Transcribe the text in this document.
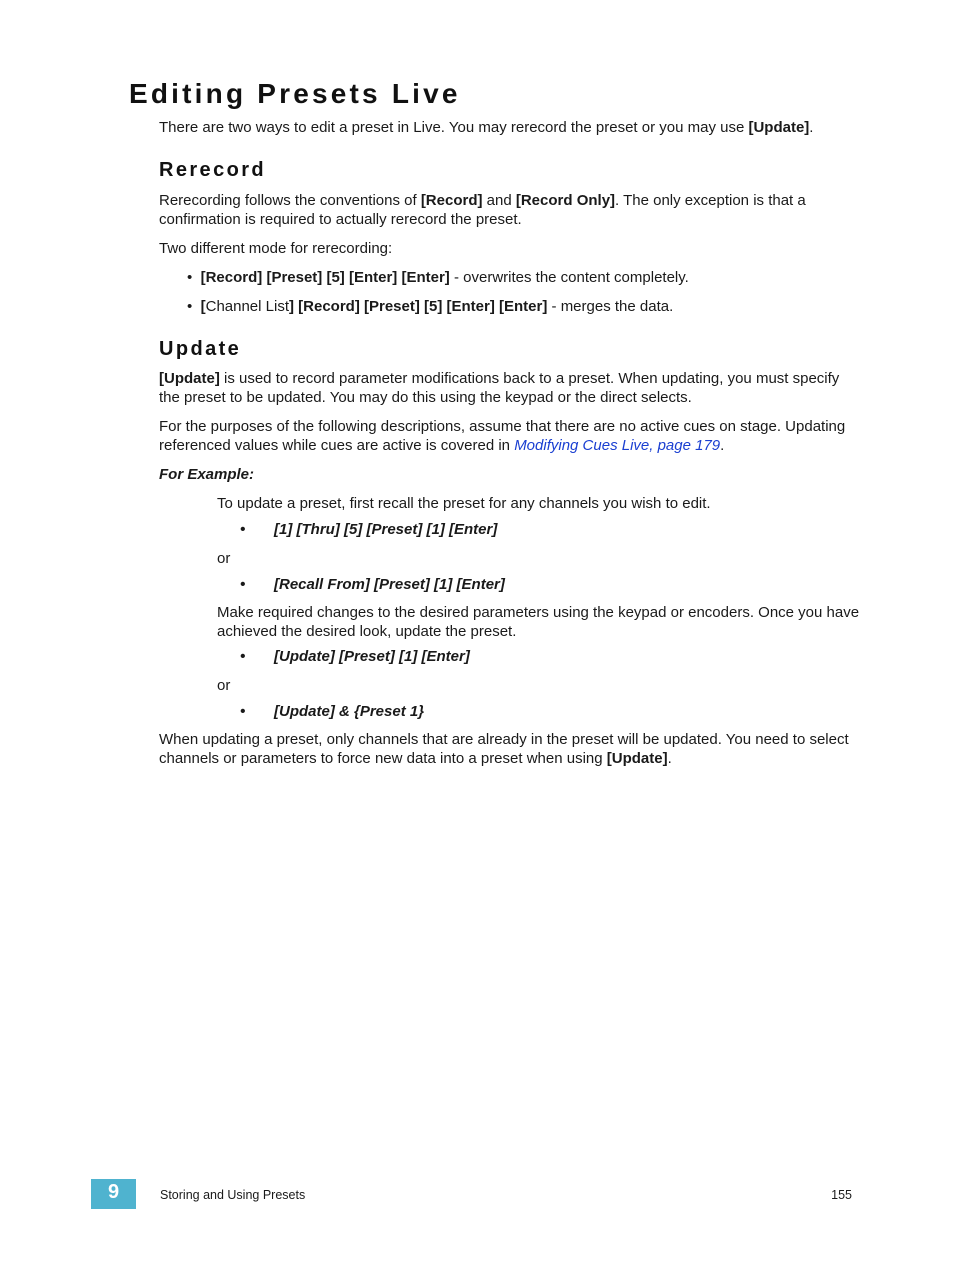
Editing Presets Live

There are two ways to edit a preset in Live. You may rerecord the preset or you may use [Update].

Rerecord

Rerecording follows the conventions of [Record] and [Record Only]. The only exception is that a confirmation is required to actually rerecord the preset.

Two different mode for rerecording:

• [Record] [Preset] [5] [Enter] [Enter] - overwrites the content completely.
• [Channel List] [Record] [Preset] [5] [Enter] [Enter] - merges the data.
Update

[Update] is used to record parameter modifications back to a preset. When updating, you must specify the preset to be updated. You may do this using the keypad or the direct selects.

For the purposes of the following descriptions, assume that there are no active cues on stage. Updating referenced values while cues are active is covered in Modifying Cues Live, page 179.

For Example:

To update a preset, first recall the preset for any channels you wish to edit.

• [1] [Thru] [5] [Preset] [1] [Enter]

or

• [Recall From] [Preset] [1] [Enter]

Make required changes to the desired parameters using the keypad or encoders. Once you have achieved the desired look, update the preset.

• [Update] [Preset] [1] [Enter]

or

• [Update] & {Preset 1}

When updating a preset, only channels that are already in the preset will be updated. You need to select channels or parameters to force new data into a preset when using [Update].

9	Storing and Using Presets	155
